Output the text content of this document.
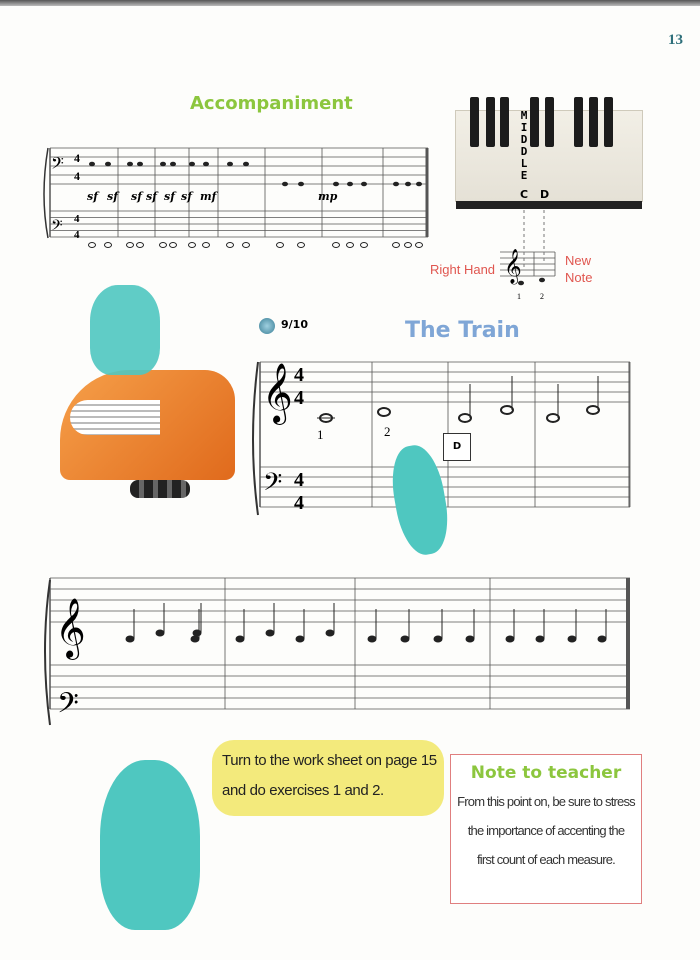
13
Accompaniment
𝄢
𝄢
4
4
4
4
𝄞
𝄢
4
4
4
4
𝄞
𝄢
𝄞
sf sf sf sf sf sf mf	mp
M
I
D
D
L
E
C D
Right Hand
New
Note
1 2
9/10	The Train
1	2
D
Turn to the work sheet on page 15
and do exercises 1 and 2.
Note to teacher

From this point on, be sure to stress

the importance of accenting the

first count of each measure.
